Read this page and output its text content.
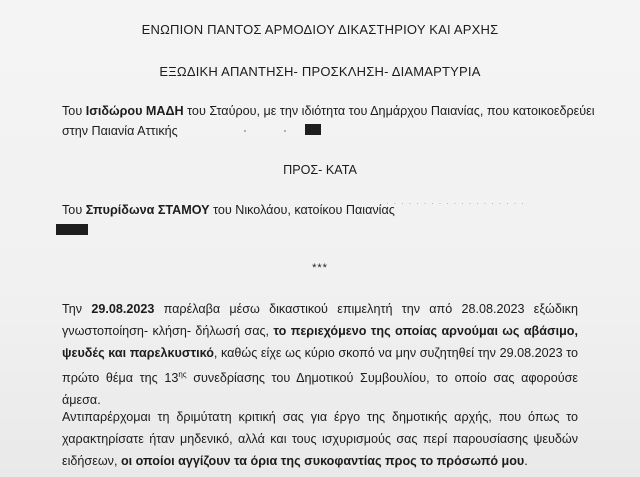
ΕΝΩΠΙΟΝ ΠΑΝΤΟΣ ΑΡΜΟΔΙΟΥ ΔΙΚΑΣΤΗΡΙΟΥ ΚΑΙ ΑΡΧΗΣ
ΕΞΩΔΙΚΗ ΑΠΑΝΤΗΣΗ- ΠΡΟΣΚΛΗΣΗ- ΔΙΑΜΑΡΤΥΡΙΑ
Του Ισιδώρου ΜΑΔΗ του Σταύρου, με την ιδιότητα του Δημάρχου Παιανίας, που κατοικοεδρεύει
στην Παιανία Αττικής
ΠΡΟΣ- ΚΑΤΑ
Του Σπυρίδωνα ΣΤΑΜΟΥ του Νικολάου, κατοίκου Παιανίας
· · · · · · · · · · · · · · · · · · ·
***
Την 29.08.2023 παρέλαβα μέσω δικαστικού επιμελητή την από 28.08.2023 εξώδικη
γνωστοποίηση- κλήση- δήλωσή σας, το περιεχόμενο της οποίας αρνούμαι ως αβάσιμο,
ψευδές και παρελκυστικό, καθώς είχε ως κύριο σκοπό να μην συζητηθεί την 29.08.2023 το
πρώτο θέμα της $13^{\eta\varsigma}$ συνεδρίασης του Δημοτικού Συμβουλίου, το οποίο σας αφορούσε άμεσα.
Αντιπαρέρχομαι τη δριμύτατη κριτική σας για έργο της δημοτικής αρχής, που όπως το
χαρακτηρίσατε ήταν μηδενικό, αλλά και τους ισχυρισμούς σας περί παρουσίασης ψευδών
ειδήσεων, οι οποίοι αγγίζουν τα όρια της συκοφαντίας προς το πρόσωπό μου.
